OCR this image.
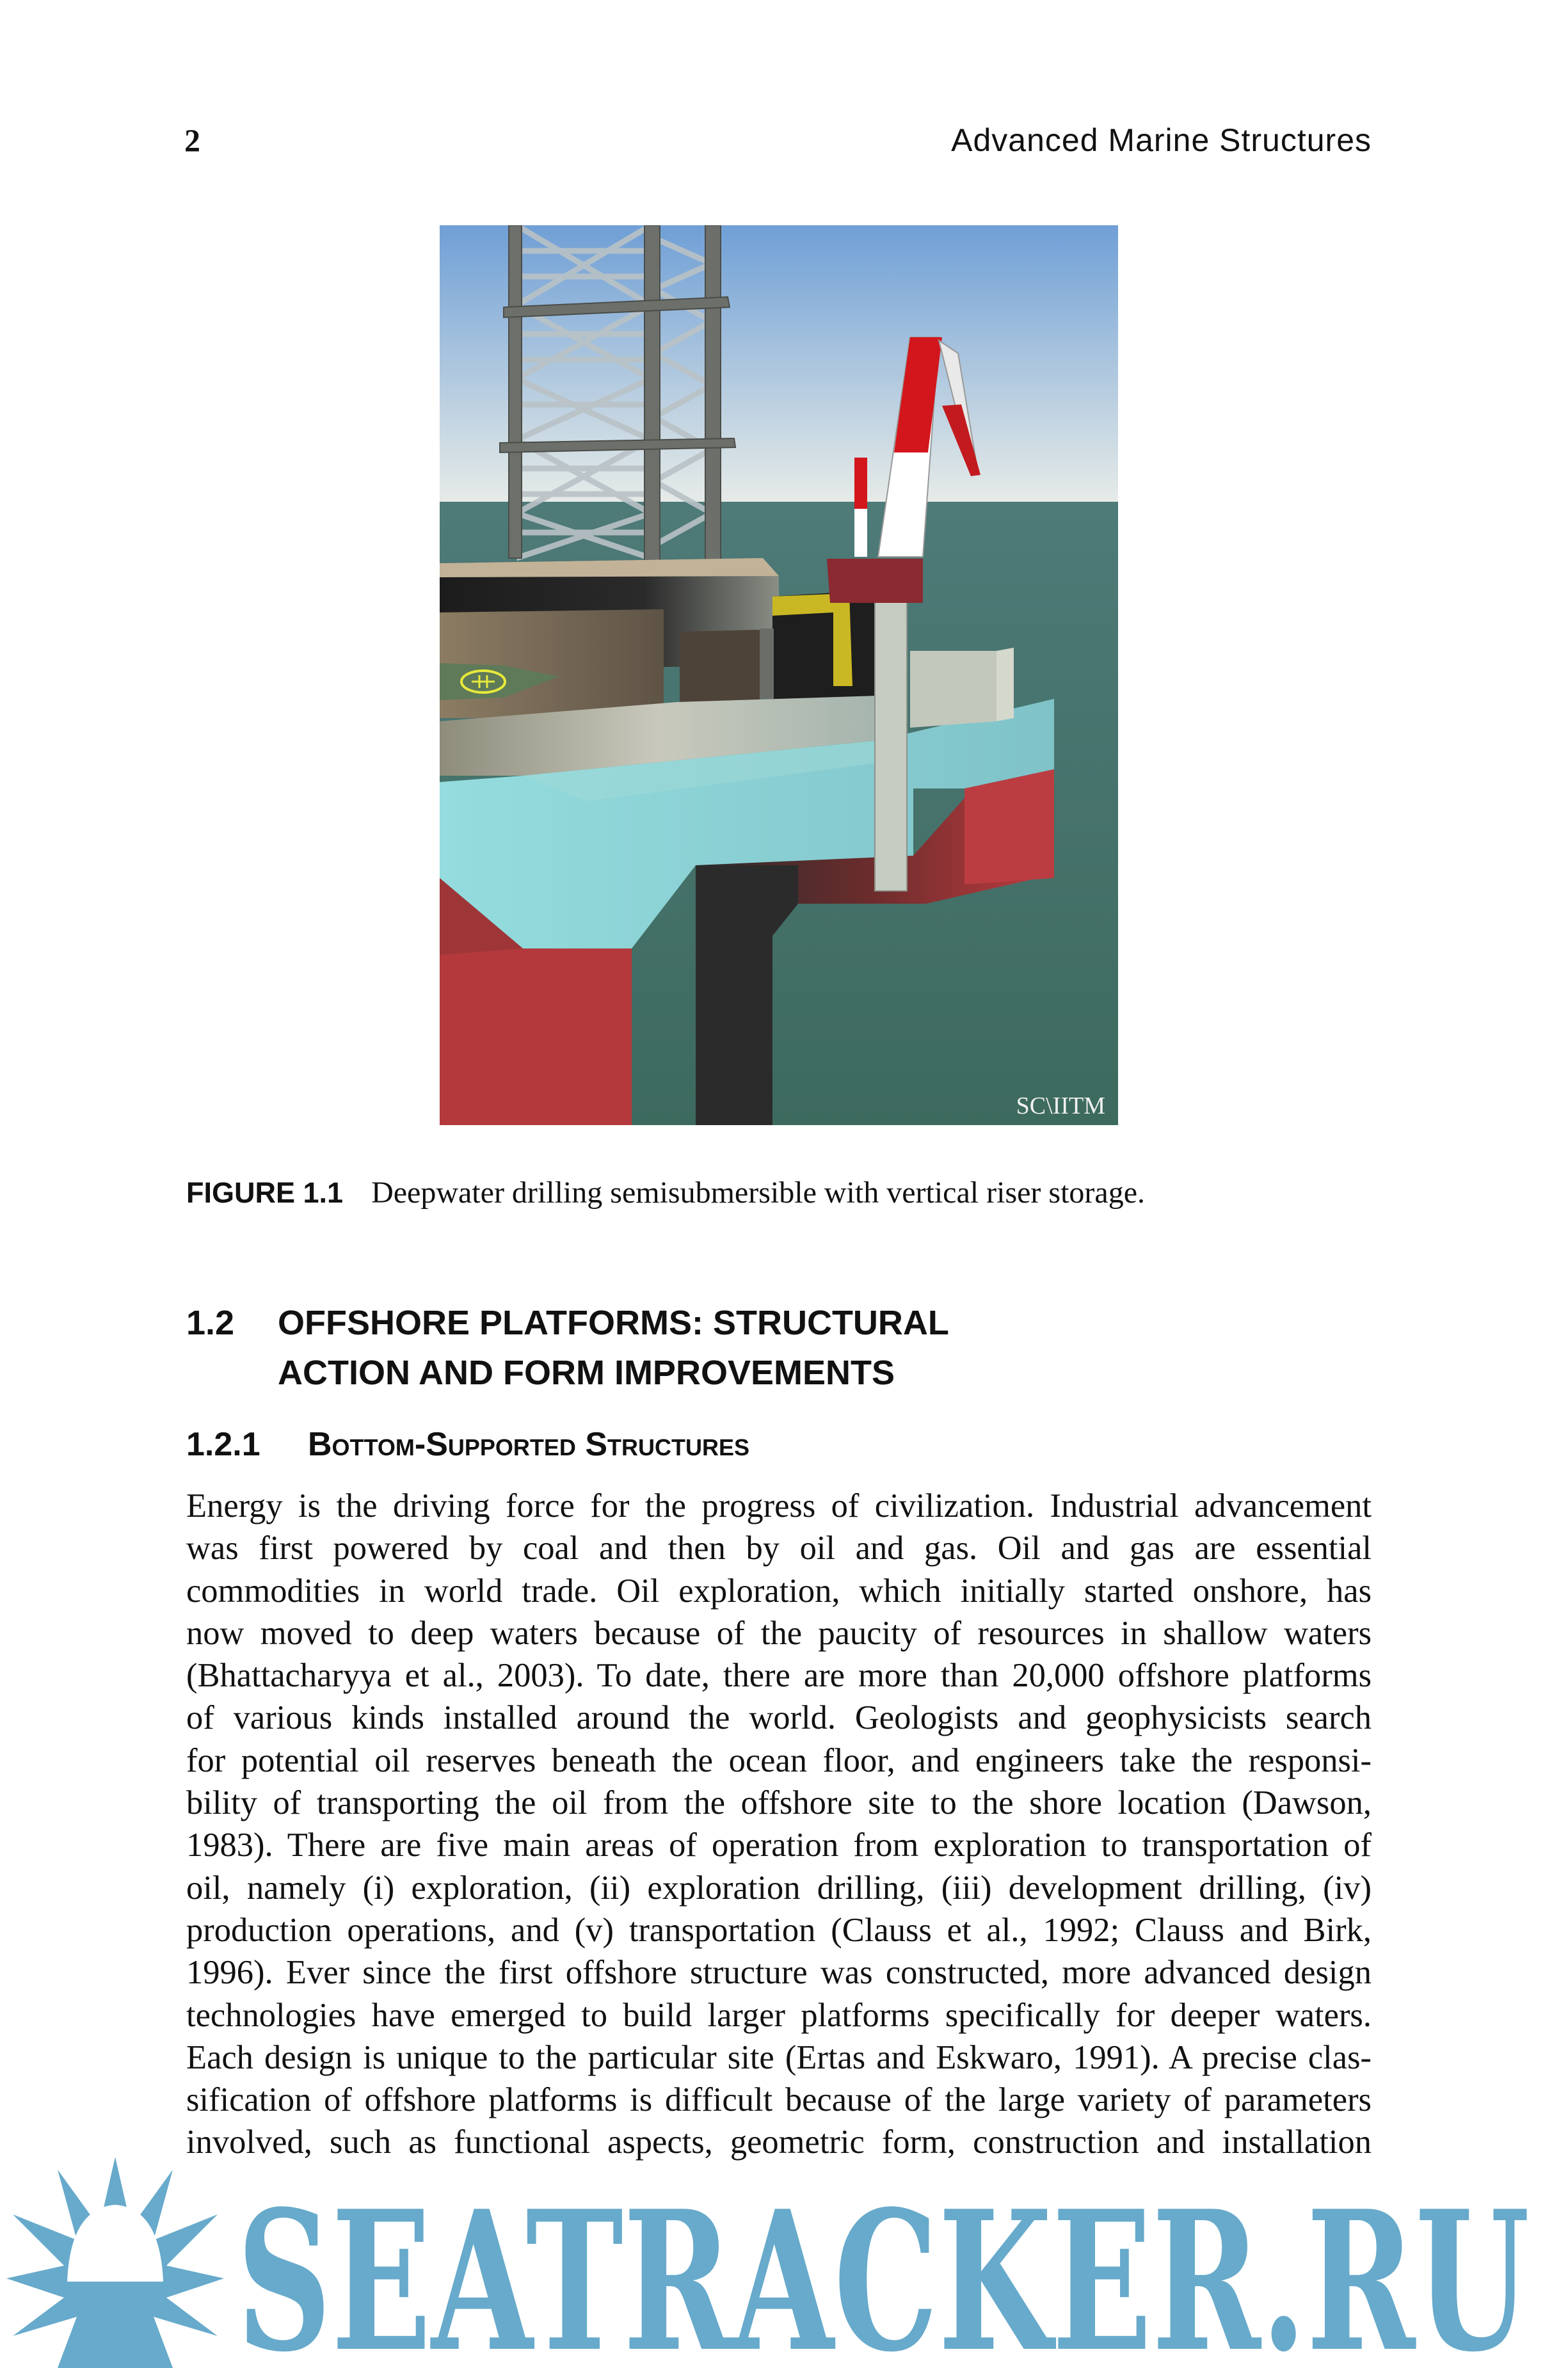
2	Advanced Marine Structures
SC\IITM
FIGURE 1.1 Deepwater drilling semisubmersible with vertical riser storage.
1.2 OFFSHORE PLATFORMS: STRUCTURAL
ACTION AND FORM IMPROVEMENTS
1.2.1 Bottom-Supported Structures
Energy is the driving force for the progress of civilization. Industrial advancement
was first powered by coal and then by oil and gas. Oil and gas are essential
commodities in world trade. Oil exploration, which initially started onshore, has
now moved to deep waters because of the paucity of resources in shallow waters
(Bhattacharyya et al., 2003). To date, there are more than 20,000 offshore platforms
of various kinds installed around the world. Geologists and geophysicists search
for potential oil reserves beneath the ocean floor, and engineers take the responsi-
bility of transporting the oil from the offshore site to the shore location (Dawson,
1983). There are five main areas of operation from exploration to transportation of
oil, namely (i) exploration, (ii) exploration drilling, (iii) development drilling, (iv)
production operations, and (v) transportation (Clauss et al., 1992; Clauss and Birk,
1996). Ever since the first offshore structure was constructed, more advanced design
technologies have emerged to build larger platforms specifically for deeper waters.
Each design is unique to the particular site (Ertas and Eskwaro, 1991). A precise clas-
sification of offshore platforms is difficult because of the large variety of parameters
involved, such as functional aspects, geometric form, construction and installation
SEATRACKER.RU
